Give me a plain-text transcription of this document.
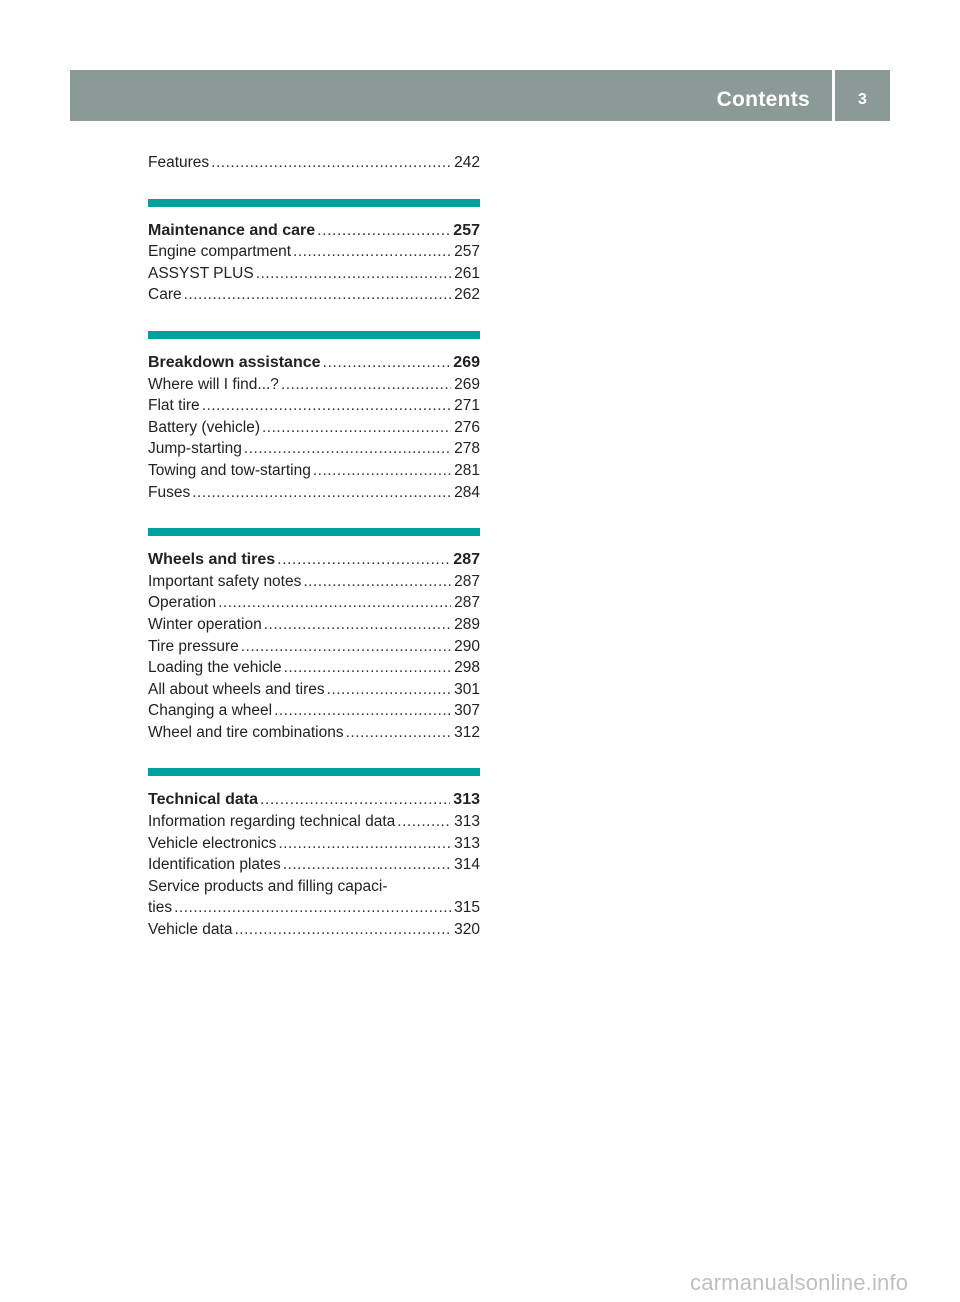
Contents	3
Features .....	242
Maintenance and care .....	257
Engine compartment .....	257
ASSYST PLUS .....	261
Care .....	262
Breakdown assistance .....	269
Where will I find...? .....	269
Flat tire .....	271
Battery (vehicle) .....	276
Jump-starting .....	278
Towing and tow-starting .....	281
Fuses .....	284
Wheels and tires .....	287
Important safety notes .....	287
Operation .....	287
Winter operation .....	289
Tire pressure .....	290
Loading the vehicle .....	298
All about wheels and tires .....	301
Changing a wheel .....	307
Wheel and tire combinations .....	312
Technical data .....	313
Information regarding technical data .....	313
Vehicle electronics .....	313
Identification plates .....	314
Service products and filling capaci-
ties .....	315
Vehicle data .....	320
carmanualsonline.info
